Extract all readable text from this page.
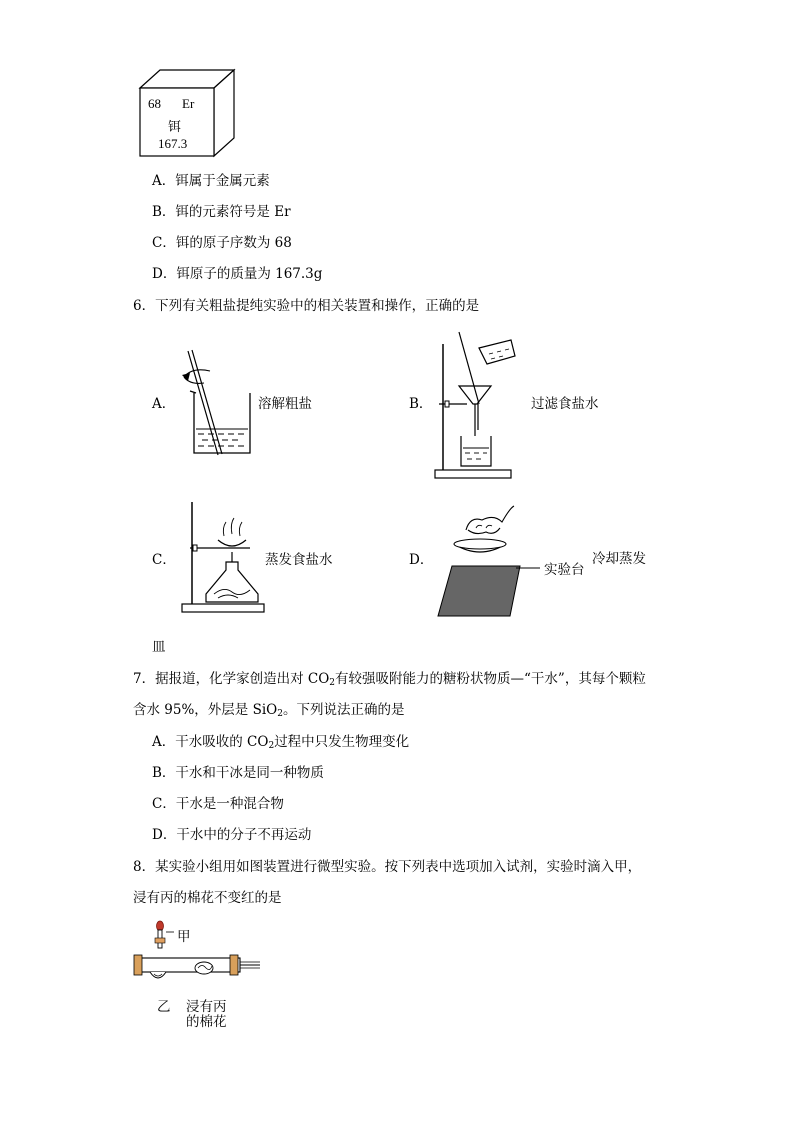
68 Er
铒
167.3
A．铒属于金属元素
B．铒的元素符号是 Er
C．铒的原子序数为 68
D．铒原子的质量为 167.3g
6．下列有关粗盐提纯实验中的相关装置和操作，正确的是
A．	溶解粗盐	B．	过滤食盐水
C．	蒸发食盐水	D．
实验台
冷却蒸发
皿
7．据报道，化学家创造出对 $CO_2$有较强吸附能力的糖粉状物质—“干水”，其每个颗粒
含水 95%，外层是 SiO$_2$。下列说法正确的是
A．干水吸收的 $CO_2$过程中只发生物理变化
B．干水和干冰是同一种物质
C．干水是一种混合物
D．干水中的分子不再运动
8．某实验小组用如图装置进行微型实验。按下列表中选项加入试剂，实验时滴入甲，
浸有丙的棉花不变红的是
甲
乙 浸有丙
的棉花
